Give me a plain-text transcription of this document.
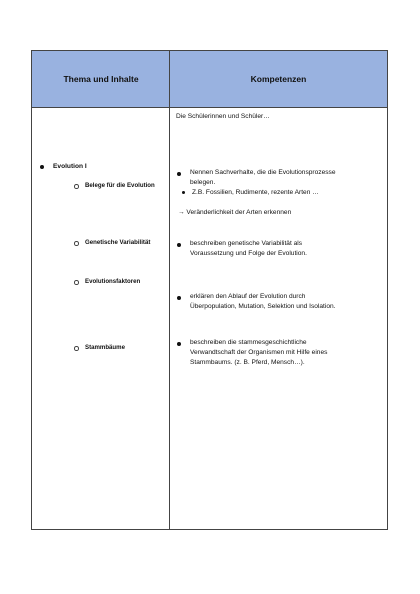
Thema und Inhalte	Kompetenzen
Die Schülerinnen und Schüler…
Evolution I
Belege für die Evolution
Genetische Variabilität
Evolutionsfaktoren
Stammbäume
Nennen Sachverhalte, die die Evolutionsprozesse
belegen.
Z.B. Fossilien, Rudimente, rezente Arten …
→ Veränderlichkeit der Arten erkennen
beschreiben genetische Variabilität als
Voraussetzung und Folge der Evolution.
erklären den Ablauf der Evolution durch
Überpopulation, Mutation, Selektion und Isolation.
beschreiben die stammesgeschichtliche
Verwandtschaft der Organismen mit Hilfe eines
Stammbaums. (z. B. Pferd, Mensch…).
